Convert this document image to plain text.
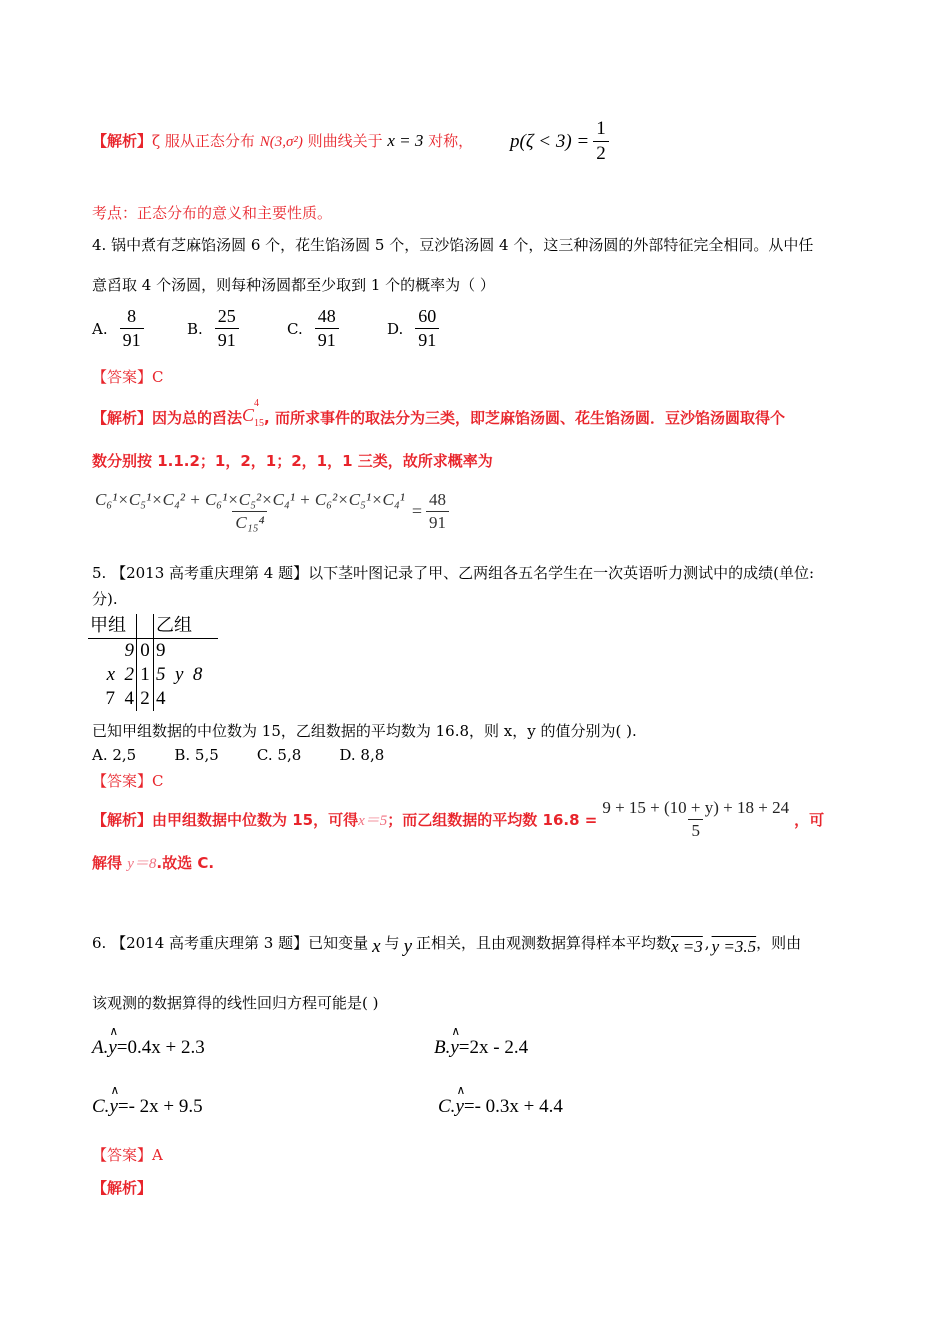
【解析】ζ 服从正态分布 N(3,σ²) 则曲线关于 x = 3 对称， $p(\zeta < 3) = \frac{1}{2}$
考点：正态分布的意义和主要性质。
4. 锅中煮有芝麻馅汤圆 6 个，花生馅汤圆 5 个，豆沙馅汤圆 4 个，这三种汤圆的外部特征完全相同。从中任
意舀取 4 个汤圆，则每种汤圆都至少取到 1 个的概率为（ ）
A. $\frac{8}{91}$	B. $\frac{25}{91}$	C. $\frac{48}{91}$	D. $\frac{60}{91}$
【答案】C
【解析】因为总的舀法 C
4
15 , 而所求事件的取法分为三类，即芝麻馅汤圆、花生馅汤圆．豆沙馅汤圆取得个
数分别按 1.1.2；1，2，1；2，1，1 三类，故所求概率为
$\frac{\text{C₆¹×C₅¹×C₄² + C₆¹×C₅²×C₄¹ + C₆²×C₅¹×C₄¹}}{\text{C₁₅⁴}} = \frac{48}{91}$
5. 【2013 高考重庆理第 4 题】以下茎叶图记录了甲、乙两组各五名学生在一次英语听力测试中的成绩(单位:
分).
甲组		乙组
9	0	9
x  2	1	5  y  8
7  4	2	4
已知甲组数据的中位数为 15，乙组数据的平均数为 16.8，则 x，y 的值分别为( ).
A. 2,5        B. 5,5        C. 5,8        D. 8,8
【答案】C
【解析】由甲组数据中位数为 15，可得 x＝5 ；而乙组数据的平均数 $16.8 = \frac{9 + 15 + (10 + y) + 18 + 24}{5}$ ，可
解得 y＝8.故选 C.
6. 【2014 高考重庆理第 3 题】已知变量 x 与 y 正相关，且由观测数据算得样本平均数 x =3 , y =3.5 ，则由
该观测的数据算得的线性回归方程可能是( )
A.∧ y=0.4x + 2.3	B.∧ y=2x - 2.4
C.∧ y=- 2x + 9.5	C.∧ y=- 0.3x + 4.4
【答案】A
【解析】
